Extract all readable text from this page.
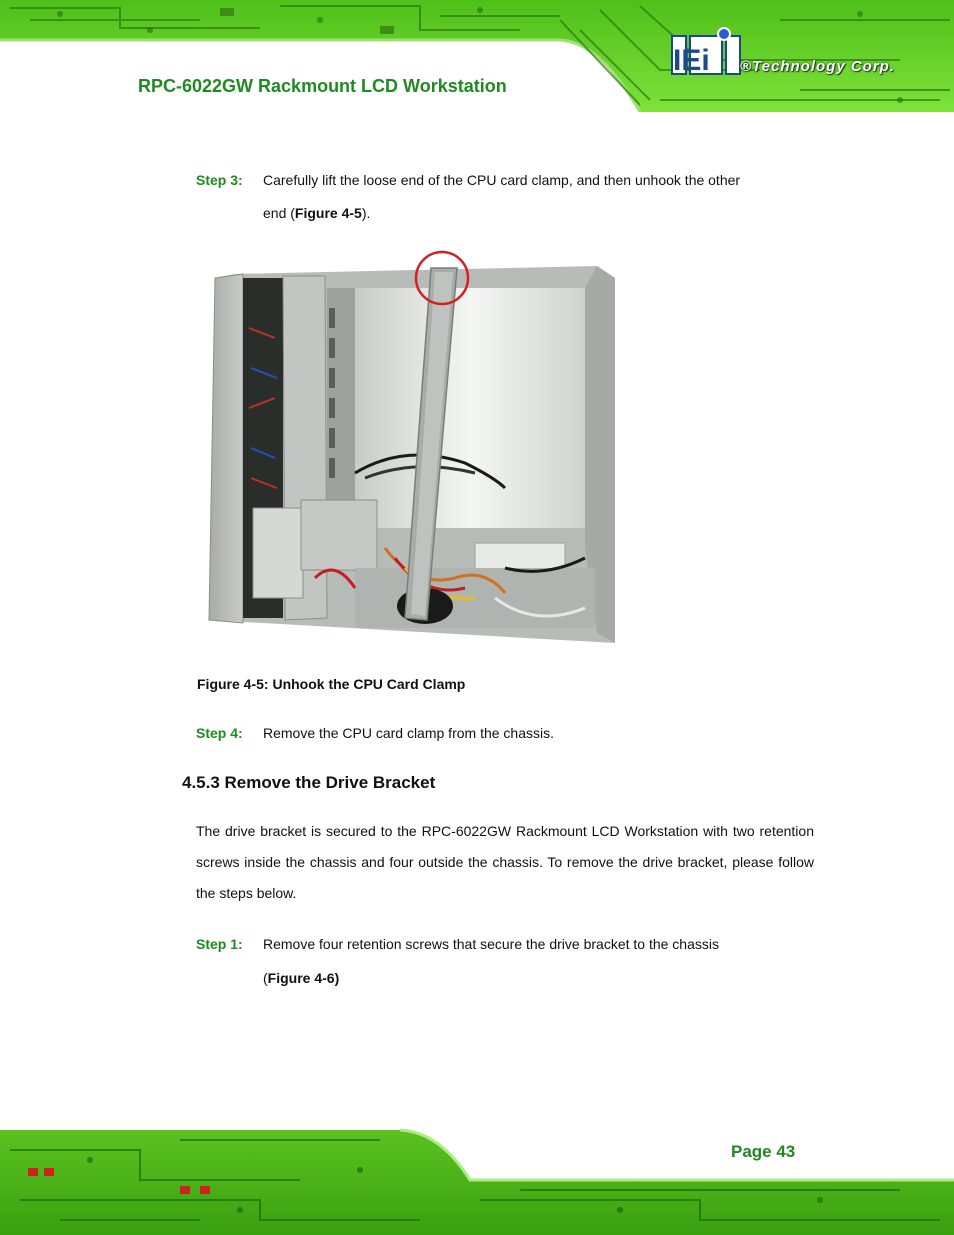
IEi ®Technology Corp.
RPC-6022GW Rackmount LCD Workstation
Step 3: Carefully lift the loose end of the CPU card clamp, and then unhook the other
end (Figure 4-5).
Figure 4-5: Unhook the CPU Card Clamp
Step 4: Remove the CPU card clamp from the chassis.
4.5.3 Remove the Drive Bracket
The drive bracket is secured to the RPC-6022GW Rackmount LCD Workstation with two retention screws inside the chassis and four outside the chassis. To remove the drive bracket, please follow the steps below.
Step 1: Remove four retention screws that secure the drive bracket to the chassis
(Figure 4-6)
Page 43
